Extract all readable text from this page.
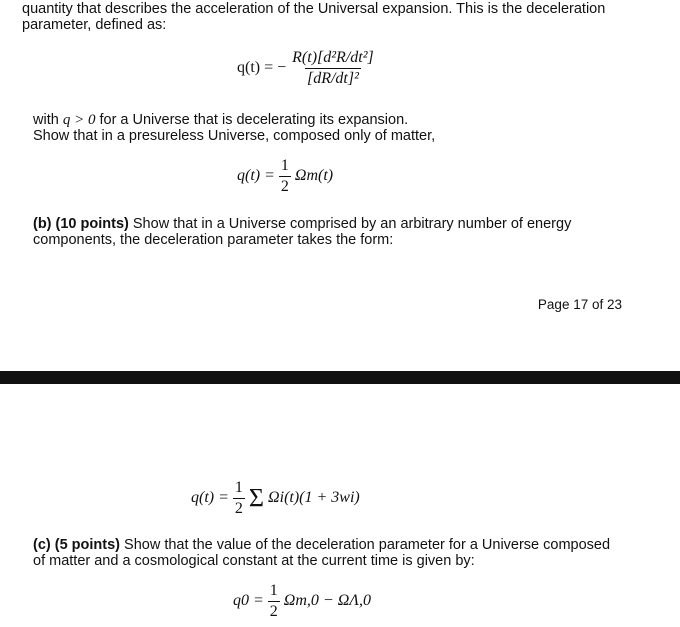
quantity that describes the acceleration of the Universal expansion. This is the deceleration

parameter, defined as:

q(t) = − $\frac{\text{R(t)[d²R/dt²]}}{\text{[dR/dt]²}}$

with q > 0 for a Universe that is decelerating its expansion.

Show that in a presureless Universe, composed only of matter,

$q(t) = \frac{1}{2} \Omega m(t)$

(b) (10 points) Show that in a Universe comprised by an arbitrary number of energy

components, the deceleration parameter takes the form:

Page 17 of 23
$q(t) = \frac{1}{2}$ Σ Ωi(t)(1 + 3wi)

(c) (5 points) Show that the value of the deceleration parameter for a Universe composed

of matter and a cosmological constant at the current time is given by:

$q0 = \frac{1}{2} \Omega m,0 - \Omega\Lambda,0$
